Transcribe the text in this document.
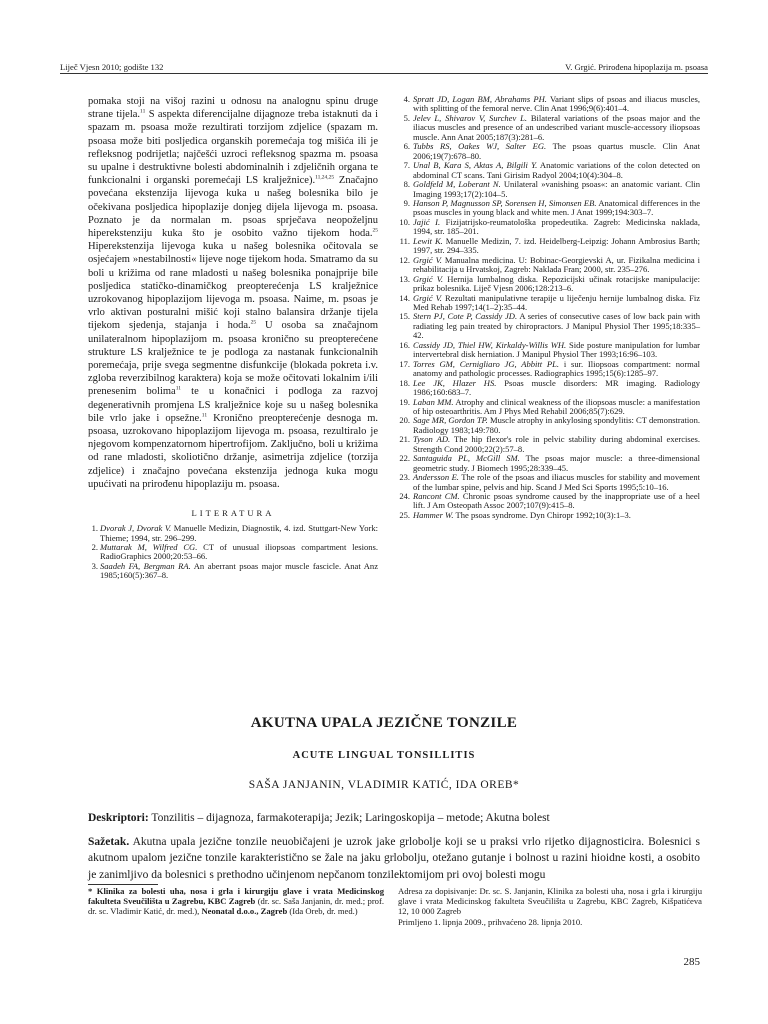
Liječ Vjesn 2010; godište 132	V. Grgić. Prirođena hipoplazija m. psoasa

pomaka stoji na višoj razini u odnosu na analognu spinu druge strane tijela.$^{11}$ S aspekta diferencijalne dijagnoze treba istaknuti da i spazam m. psoasa može rezultirati torzijom zdjelice (spazam m. psoasa može biti posljedica organskih poremećaja tog mišića ili je refleksnog podrijetla; najčešći uzroci refleksnog spazma m. psoasa su upalne i destruktivne bolesti abdominalnih i zdjeličnih organa te funkcionalni i organski poremećaji LS kralježnice).$^{11,24,25}$ Značajno povećana ekstenzija lijevoga kuka u našeg bolesnika bilo je očekivana posljedica hipoplazije donjeg dijela lijevoga m. psoasa. Poznato je da normalan m. psoas sprječava neopoželjnu hiperekstenziju kuka što je osobito važno tijekom hoda.$^{25}$ Hiperekstenzija lijevoga kuka u našeg bolesnika očitovala se osjećajem »nestabilnosti« lijeve noge tijekom hoda. Smatramo da su boli u križima od rane mladosti u našeg bolesnika ponajprije bile posljedica statičko-dinamičkog preopterećenja LS kralježnice uzrokovanog hipoplazijom lijevoga m. psoasa. Naime, m. psoas je vrlo aktivan posturalni mišić koji stalno balansira držanje tijela tijekom sjedenja, stajanja i hoda.$^{25}$ U osoba sa značajnom unilateralnom hipoplazijom m. psoasa kronično su preopterećene strukture LS kralježnice te je podloga za nastanak funkcionalnih poremećaja, prije svega segmentne disfunkcije (blokada pokreta i.v. zgloba reverzibilnog karaktera) koja se može očitovati lokalnim i/ili prenesenim bolima$^{11}$ te u konačnici i podloga za razvoj degenerativnih promjena LS kralježnice koje su u našeg bolesnika bile vrlo jake i opsežne.$^{11}$ Kronično preopterećenje desnoga m. psoasa, uzrokovano hipoplazijom lijevoga m. psoasa, rezultiralo je njegovom kompenzatornom hipertrofijom. Zaključno, boli u križima od rane mladosti, skoliotično držanje, asimetrija zdjelice (torzija zdjelice) i značajno povećana ekstenzija jednoga kuka mogu upućivati na prirođenu hipoplaziju m. psoasa.

LITERATURA
1. Dvorak J, Dvorak V. Manuelle Medizin, Diagnostik, 4. izd. Stuttgart-New York: Thieme; 1994, str. 296–299.
2. Muttarak M, Wilfred CG. CT of unusual iliopsoas compartment lesions. RadioGraphics 2000;20:53–66.
3. Saadeh FA, Bergman RA. An aberrant psoas major muscle fascicle. Anat Anz 1985;160(5):367–8.
4. Spratt JD, Logan BM, Abrahams PH. Variant slips of psoas and iliacus muscles, with splitting of the femoral nerve. Clin Anat 1996;9(6):401–4.
5. Jelev L, Shivarov V, Surchev L. Bilateral variations of the psoas major and the iliacus muscles and presence of an undescribed variant muscle-accessory iliopsoas muscle. Ann Anat 2005;187(3):281–6.
6. Tubbs RS, Oakes WJ, Salter EG. The psoas quartus muscle. Clin Anat 2006;19(7):678–80.
7. Unal B, Kara S, Aktas A, Bilgili Y. Anatomic variations of the colon detected on abdominal CT scans. Tani Girisim Radyol 2004;10(4):304–8.
8. Goldfeld M, Loberant N. Unilateral »vanishing psoas«: an anatomic variant. Clin Imaging 1993;17(2):104–5.
9. Hanson P, Magnusson SP, Sorensen H, Simonsen EB. Anatomical differences in the psoas muscles in young black and white men. J Anat 1999;194:303–7.
10. Jajić I. Fizijatrijsko-reumatološka propedeutika. Zagreb: Medicinska naklada, 1994, str. 185–201.
11. Lewit K. Manuelle Medizin, 7. izd. Heidelberg-Leipzig: Johann Ambrosius Barth; 1997, str. 294–335.
12. Grgić V. Manualna medicina. U: Bobinac-Georgievski A, ur. Fizikalna medicina i rehabilitacija u Hrvatskoj, Zagreb: Naklada Fran; 2000, str. 235–276.
13. Grgić V. Hernija lumbalnog diska. Repozicijski učinak rotacijske manipulacije: prikaz bolesnika. Liječ Vjesn 2006;128:213–6.
14. Grgić V. Rezultati manipulativne terapije u liječenju hernije lumbalnog diska. Fiz Med Rehab 1997;14(1–2):35–44.
15. Stern PJ, Cote P, Cassidy JD. A series of consecutive cases of low back pain with radiating leg pain treated by chiropractors. J Manipul Physiol Ther 1995;18:335–42.
16. Cassidy JD, Thiel HW, Kirkaldy-Willis WH. Side posture manipulation for lumbar intervertebral disk herniation. J Manipul Physiol Ther 1993;16:96–103.
17. Torres GM, Cernigliaro JG, Abbitt PL. i sur. Iliopsoas compartment: normal anatomy and pathologic processes. Radiographics 1995;15(6):1285–97.
18. Lee JK, Hlazer HS. Psoas muscle disorders: MR imaging. Radiology 1986;160:683–7.
19. Laban MM. Atrophy and clinical weakness of the iliopsoas muscle: a manifestation of hip osteoarthritis. Am J Phys Med Rehabil 2006;85(7):629.
20. Sage MR, Gordon TP. Muscle atrophy in ankylosing spondylitis: CT demonstration. Radiology 1983;149:780.
21. Tyson AD. The hip flexor's role in pelvic stability during abdominal exercises. Strength Cond 2000;22(2):57–8.
22. Santaguida PL, McGill SM. The psoas major muscle: a three-dimensional geometric study. J Biomech 1995;28:339–45.
23. Andersson E. The role of the psoas and iliacus muscles for stability and movement of the lumbar spine, pelvis and hip. Scand J Med Sci Sports 1995;5:10–16.
24. Rancont CM. Chronic psoas syndrome caused by the inappropriate use of a heel lift. J Am Osteopath Assoc 2007;107(9):415–8.
25. Hammer W. The psoas syndrome. Dyn Chiropr 1992;10(3):1–3.
AKUTNA UPALA JEZIČNE TONZILE
ACUTE LINGUAL TONSILLITIS
SAŠA JANJANIN, VLADIMIR KATIĆ, IDA OREB*
Deskriptori: Tonzilitis – dijagnoza, farmakoterapija; Jezik; Laringoskopija – metode; Akutna bolest
Sažetak. Akutna upala jezične tonzile neuobičajeni je uzrok jake grlobolje koji se u praksi vrlo rijetko dijagnosticira. Bolesnici s akutnom upalom jezične tonzile karakteristično se žale na jaku grlobolju, otežano gutanje i bolnost u razini hioidne kosti, a osobito je zanimljivo da bolesnici s prethodno učinjenom nepčanom tonzilektomijom pri ovoj bolesti mogu
* Klinika za bolesti uha, nosa i grla i kirurgiju glave i vrata Medicinskog fakulteta Sveučilišta u Zagrebu, KBC Zagreb (dr. sc. Saša Janjanin, dr. med.; prof. dr. sc. Vladimir Katić, dr. med.), Neonatal d.o.o., Zagreb (Ida Oreb, dr. med.)
Adresa za dopisivanje: Dr. sc. S. Janjanin, Klinika za bolesti uha, nosa i grla i kirurgiju glave i vrata Medicinskog fakulteta Sveučilišta u Zagrebu, KBC Zagreb, Kišpatićeva 12, 10 000 Zagreb
Primljeno 1. lipnja 2009., prihvaćeno 28. lipnja 2010.
285
